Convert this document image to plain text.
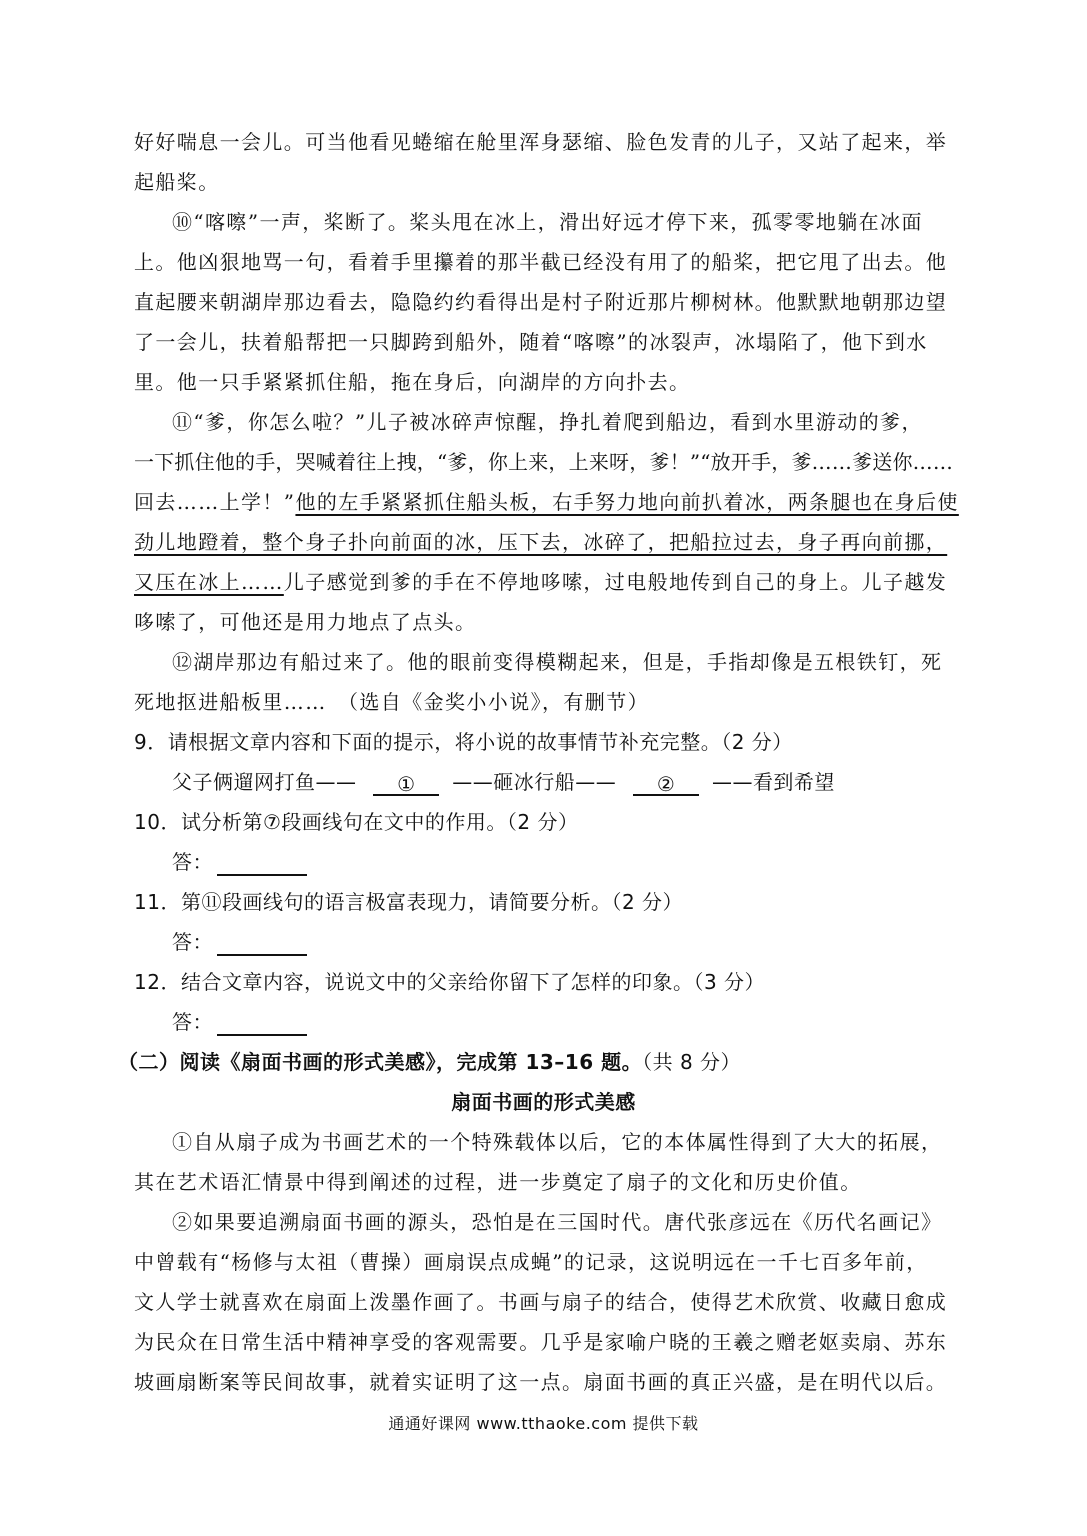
好好喘息一会儿。可当他看见蜷缩在舱里浑身瑟缩、脸色发青的儿子，又站了起来，举
起船桨。
⑩“喀嚓”一声，桨断了。桨头甩在冰上，滑出好远才停下来，孤零零地躺在冰面
上。他凶狠地骂一句，看着手里攥着的那半截已经没有用了的船桨，把它甩了出去。他
直起腰来朝湖岸那边看去，隐隐约约看得出是村子附近那片柳树林。他默默地朝那边望
了一会儿，扶着船帮把一只脚跨到船外，随着“喀嚓”的冰裂声，冰塌陷了，他下到水
里。他一只手紧紧抓住船，拖在身后，向湖岸的方向扑去。
⑪“爹，你怎么啦？”儿子被冰碎声惊醒，挣扎着爬到船边，看到水里游动的爹，
一下抓住他的手，哭喊着往上拽，“爹，你上来，上来呀，爹！”“放开手，爹……爹送你……
回去……上学！”他的左手紧紧抓住船头板，右手努力地向前扒着冰，两条腿也在身后使
劲儿地蹬着，整个身子扑向前面的冰，压下去，冰碎了，把船拉过去，身子再向前挪，
又压在冰上……儿子感觉到爹的手在不停地哆嗦，过电般地传到自己的身上。儿子越发
哆嗦了，可他还是用力地点了点头。
⑫湖岸那边有船过来了。他的眼前变得模糊起来，但是，手指却像是五根铁钉，死
死地抠进船板里……　（选自《金奖小小说》，有删节）
9．请根据文章内容和下面的提示，将小说的故事情节补充完整。（2 分）
父子俩遛网打鱼—— ① ——砸冰行船—— ② ——看到希望
10．试分析第⑦段画线句在文中的作用。（2 分）
答：
11．第⑪段画线句的语言极富表现力，请简要分析。（2 分）
答：
12．结合文章内容，说说文中的父亲给你留下了怎样的印象。（3 分）
答：
（二）阅读《扇面书画的形式美感》，完成第 13–16 题。（共 8 分）
扇面书画的形式美感
①自从扇子成为书画艺术的一个特殊载体以后，它的本体属性得到了大大的拓展，
其在艺术语汇情景中得到阐述的过程，进一步奠定了扇子的文化和历史价值。
②如果要追溯扇面书画的源头，恐怕是在三国时代。唐代张彦远在《历代名画记》
中曾载有“杨修与太祖（曹操）画扇误点成蝇”的记录，这说明远在一千七百多年前，
文人学士就喜欢在扇面上泼墨作画了。书画与扇子的结合，使得艺术欣赏、收藏日愈成
为民众在日常生活中精神享受的客观需要。几乎是家喻户晓的王羲之赠老妪卖扇、苏东
坡画扇断案等民间故事，就着实证明了这一点。扇面书画的真正兴盛，是在明代以后。
通通好课网 www.tthaoke.com 提供下载
